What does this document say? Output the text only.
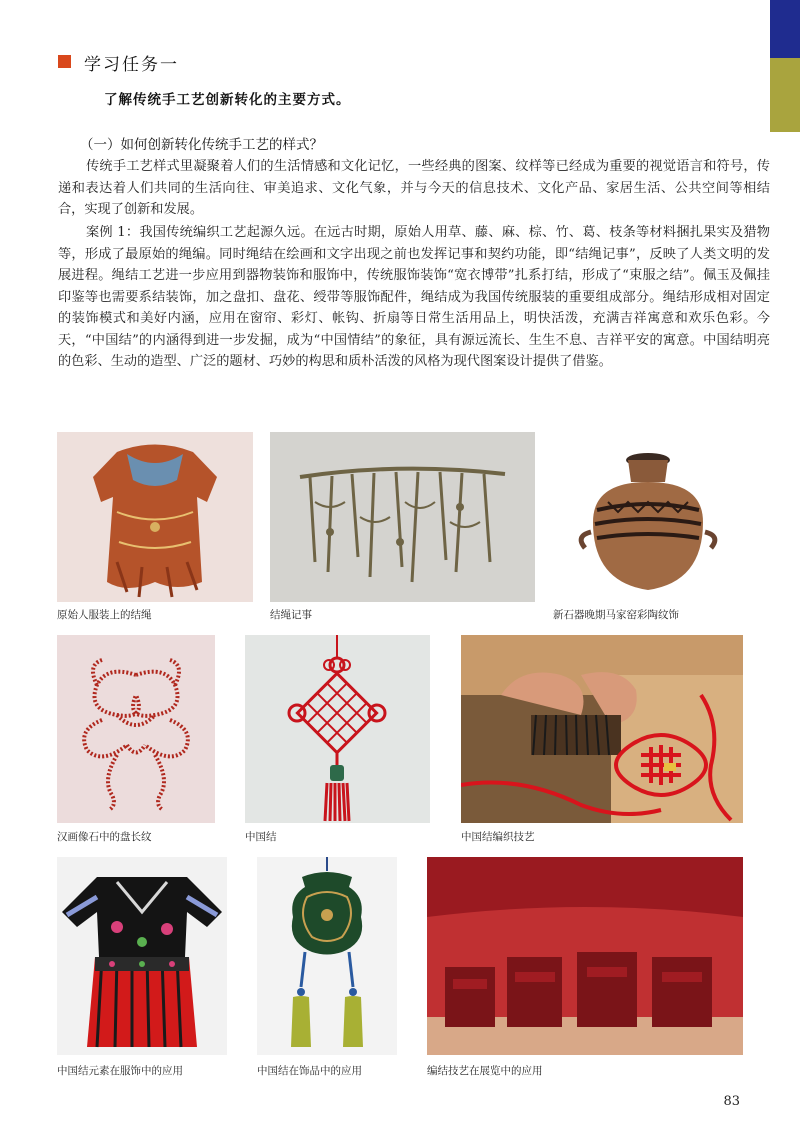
学习任务一
了解传统手工艺创新转化的主要方式。
（一）如何创新转化传统手工艺的样式？

传统手工艺样式里凝聚着人们的生活情感和文化记忆，一些经典的图案、纹样等已经成为重要的视觉语言和符号，传递和表达着人们共同的生活向往、审美追求、文化气象，并与今天的信息技术、文化产品、家居生活、公共空间等相结合，实现了创新和发展。

案例 1：我国传统编织工艺起源久远。在远古时期，原始人用草、藤、麻、棕、竹、葛、枝条等材料捆扎果实及猎物等，形成了最原始的绳编。同时绳结在绘画和文字出现之前也发挥记事和契约功能，即“结绳记事”，反映了人类文明的发展进程。绳结工艺进一步应用到器物装饰和服饰中，传统服饰装饰“宽衣博带”扎系打结，形成了“束服之结”。佩玉及佩挂印鉴等也需要系结装饰，加之盘扣、盘花、绶带等服饰配件，绳结成为我国传统服装的重要组成部分。绳结形成相对固定的装饰模式和美好内涵，应用在窗帘、彩灯、帐钩、折扇等日常生活用品上，明快活泼，充满吉祥寓意和欢乐色彩。今天，“中国结”的内涵得到进一步发掘，成为“中国情结”的象征，具有源远流长、生生不息、吉祥平安的寓意。中国结明亮的色彩、生动的造型、广泛的题材、巧妙的构思和质朴活泼的风格为现代图案设计提供了借鉴。

原始人服装上的结绳	结绳记事	新石器晚期马家窑彩陶纹饰
汉画像石中的盘长纹	中国结	中国结编织技艺
中国结元素在服饰中的应用	中国结在饰品中的应用	编结技艺在展览中的应用
83
